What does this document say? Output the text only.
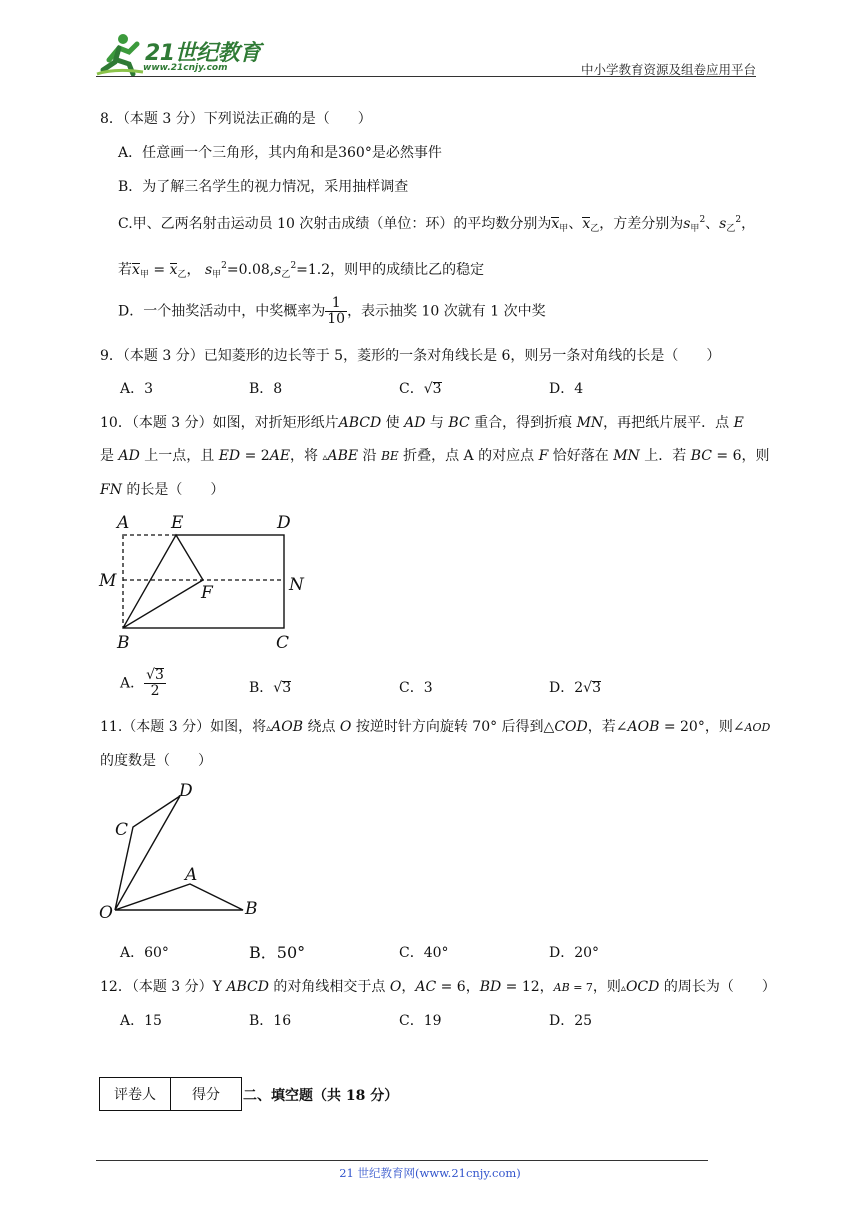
21世纪教育
www.21cnjy.com	中小学教育资源及组卷应用平台
8．（本题 3 分）下列说法正确的是（　　）
A．任意画一个三角形，其内角和是360°是必然事件
B．为了解三名学生的视力情况，采用抽样调查
C.甲、乙两名射击运动员 10 次射击成绩（单位：环）的平均数分别为$x_甲$、$x_乙$，方差分别为$s_甲^2$、$s_乙^2$，
若$x_甲 = x_乙$， $s_甲^2=0.08,s_乙^2=1.2$，则甲的成绩比乙的稳定
D．一个抽奖活动中，中奖概率为 $\frac{1}{10}$ ，表示抽奖 10 次就有 1 次中奖
9．（本题 3 分）已知菱形的边长等于 5，菱形的一条对角线长是 6，则另一条对角线的长是（　　）
A．3	B．8	C．√3	D．4
10．（本题 3 分）如图，对折矩形纸片ABCD 使 AD 与 BC 重合，得到折痕 MN，再把纸片展平．点 E
是 AD 上一点，且 ED = 2AE，将 ▵ABE 沿 BE 折叠，点 A 的对应点 F 恰好落在 MN 上．若 BC = 6，则
FN 的长是（　　）
A E	D
M
F	N
B	C
A． $\frac{√3}{2}$	B．√3	C．3	D．2√3
11.（本题 3 分）如图，将▵AOB 绕点 O 按逆时针方向旋转 70° 后得到△COD，若∠AOB = 20°，则∠AOD
的度数是（　　）
D
C
A
O	B
A．60°	B．50°	C．40°	D．20°
12．（本题 3 分）Y ABCD 的对角线相交于点 O，AC = 6，BD = 12，AB = 7，则▵OCD 的周长为（　　）
A．15	B．16	C．19	D．25
评卷人	得分 二、填空题（共 18 分）
21 世纪教育网(www.21cnjy.com)
